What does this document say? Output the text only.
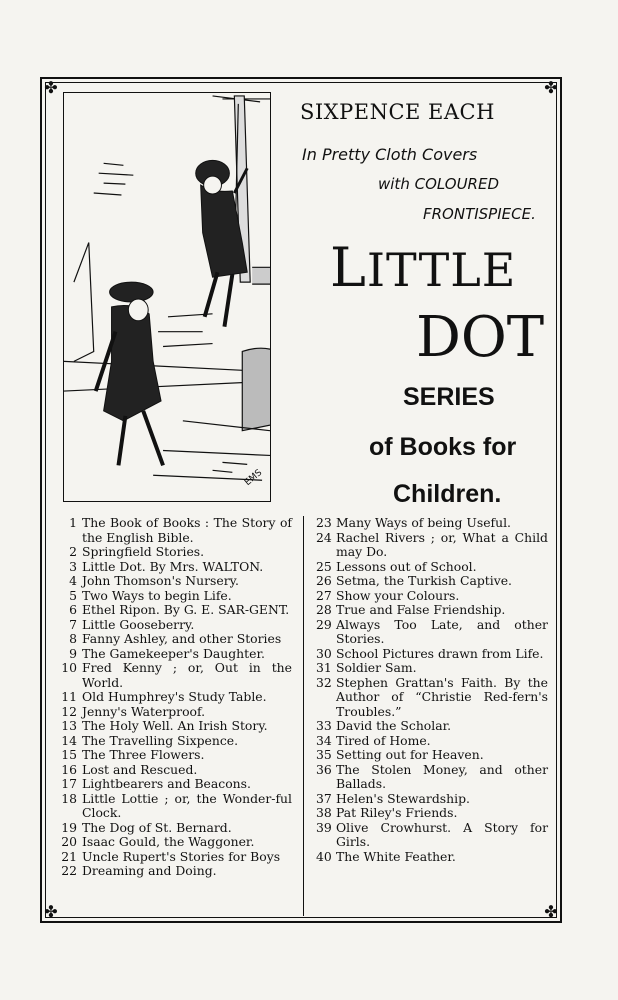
✤	✤
✤	✤
EMS
SIXPENCE EACH
In Pretty Cloth Covers
with COLOURED
FRONTISPIECE.
LITTLE
DOT
SERIES
of Books for
Children.
1 The Book of Books : The Story of the English Bible.
2 Springfield Stories.
3 Little Dot. By Mrs. WALTON.
4 John Thomson's Nursery.
5 Two Ways to begin Life.
6 Ethel Ripon. By G. E. SAR-GENT.
7 Little Gooseberry.
8 Fanny Ashley, and other Stories
9 The Gamekeeper's Daughter.
10 Fred Kenny ; or, Out in the World.
11 Old Humphrey's Study Table.
12 Jenny's Waterproof.
13 The Holy Well. An Irish Story.
14 The Travelling Sixpence.
15 The Three Flowers.
16 Lost and Rescued.
17 Lightbearers and Beacons.
18 Little Lottie ; or, the Wonder-ful Clock.
19 The Dog of St. Bernard.
20 Isaac Gould, the Waggoner.
21 Uncle Rupert's Stories for Boys
22 Dreaming and Doing.
23 Many Ways of being Useful.
24 Rachel Rivers ; or, What a Child may Do.
25 Lessons out of School.
26 Setma, the Turkish Captive.
27 Show your Colours.
28 True and False Friendship.
29 Always Too Late, and other Stories.
30 School Pictures drawn from Life.
31 Soldier Sam.
32 Stephen Grattan's Faith. By the Author of “Christie Red-fern's Troubles.”
33 David the Scholar.
34 Tired of Home.
35 Setting out for Heaven.
36 The Stolen Money, and other Ballads.
37 Helen's Stewardship.
38 Pat Riley's Friends.
39 Olive Crowhurst. A Story for Girls.
40 The White Feather.
